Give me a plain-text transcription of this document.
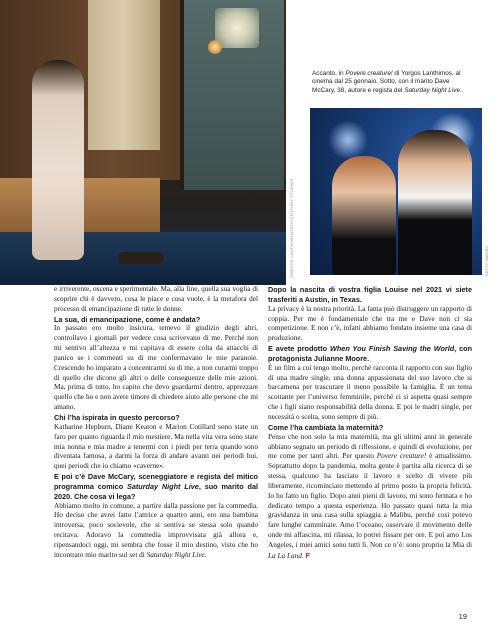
YORGOS LANTHIMOS/20TH CENTURY STUDIOS
Accanto, in Povere creature! di Yorgos Lanthimos, al cinema dal 25 gennaio. Sotto, con il marito Dave McCary, 38, autore e regista del Saturday Night Live.
GETTY IMAGES

e irriverente, oscena e sperimentale. Ma, alla fine, quella sua voglia di scoprire chi è davvero, cosa le piace e cosa vuole, è la metafora del processo di emancipazione di tutte le donne.

La sua, di emancipazione, come è andata?

In passato ero molto insicura, temevo il giudizio degli altri, controllavo i giornali per vedere cosa scrivevano di me. Perché non mi sentivo all’altezza e mi capitava di essere colta da attacchi di panico se i commenti su di me confermavano le mie paranoie. Crescendo ho imparato a concentrarmi su di me, a non curarmi troppo di quello che dicono gli altri o delle conseguenze delle mie azioni. Ma, prima di tutto, ho capito che devo guardarmi dentro, apprezzare quello che ho e non avere timore di chiedere aiuto alle persone che mi amano.

Chi l’ha ispirata in questo percorso?

Katharine Hepburn, Diane Keaton e Marion Cotillard sono state un faro per quanto riguarda il mio mestiere. Ma nella vita vera sono state mia nonna e mia madre a tenermi con i piedi per terra quando sono diventata famosa, a darmi la forza di andare avanti nei periodi bui, quei periodi che io chiamo «caverne».

E poi c’è Dave McCary, sceneggiatore e regista del mitico programma comico Saturday Night Live, suo marito dal 2020. Che cosa vi lega?

Abbiamo molto in comune, a partire dalla passione per la commedia. Ho deciso che avrei fatto l’attrice a quattro anni, ero una bambina introversa, poco socievole, che si sentiva se stessa solo quando recitava. Adoravo la commedia improvvisata già allora e, ripensandoci oggi, mi sembra che fosse il mio destino, visto che ho incontrato mio marito sul set di Saturday Night Live.

Dopo la nascita di vostra figlia Louise nel 2021 vi siete trasferiti a Austin, in Texas.

La privacy è la nostra priorità. La fama può distruggere un rapporto di coppia. Per me è fondamentale che tra me e Dave non ci sia competizione. E non c’è, infatti abbiamo fondato insieme una casa di produzione.

E avete prodotto When You Finish Saving the World, con protagonista Julianne Moore.

È un film a cui tengo molto, perché racconta il rapporto con suo figlio di una madre single, una donna appassionata del suo lavoro che si barcamena per trascurare il meno possibile la famiglia. È un tema scottante per l’universo femminile, perché ci si aspetta quasi sempre che i figli siano responsabilità della donna. E poi le madri single, per necessità o scelta, sono sempre di più.

Come l’ha cambiata la maternità?

Penso che non solo la mia maternità, ma gli ultimi anni in generale abbiano segnato un periodo di riflessione, e quindi di evoluzione, per me come per tanti altri. Per questo Povere creature! è attualissimo. Soprattutto dopo la pandemia, molta gente è partita alla ricerca di se stessa, qualcuno ha lasciato il lavoro e scelto di vivere più liberamente, ricominciato mettendo al primo posto la propria felicità. Io ho fatto un figlio. Dopo anni pieni di lavoro, mi sono fermata e ho dedicato tempo a questa esperienza. Ho passato quasi tutta la mia gravidanza in una casa sulla spiaggia a Malibu, perché così potevo fare lunghe camminate. Amo l’oceano, osservare il movimento delle onde mi affascina, mi rilassa, lo potrei fissare per ore. E poi amo Los Angeles, i miei amici sono tutti lì. Non ce n’è: sono proprio la Mia di La La Land. F

19
